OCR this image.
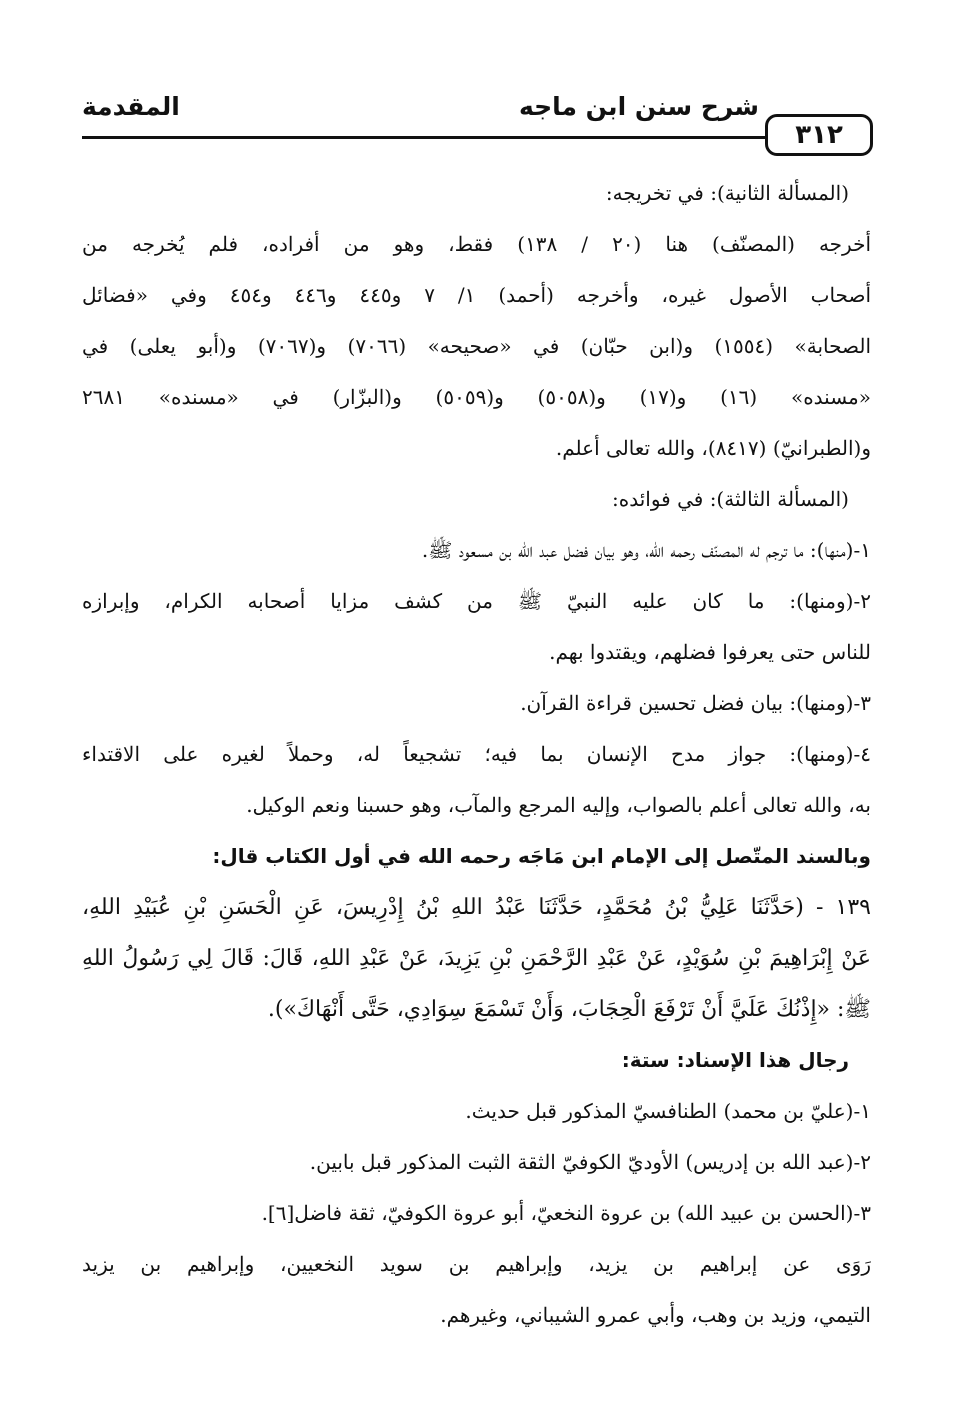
٣١٢
شرح سنن ابن ماجه
المقدمة
(المسألة الثانية): في تخريجه:
أخرجه (المصنّف) هنا (٢٠ / ١٣٨) فقط، وهو من أفراده، فلم يُخرجه من
أصحاب الأصول غيره، وأخرجه (أحمد) ١/ ٧ و٤٤٥ و٤٤٦ و٤٥٤ وفي «فضائل
الصحابة» (١٥٥٤) و(ابن حبّان) في «صحيحه» (٧٠٦٦) و(٧٠٦٧) و(أبو يعلى) في
«مسنده» (١٦) و(١٧) و(٥٠٥٨) و(٥٠٥٩) و(البزّار) في «مسنده» ٢٦٨١
و(الطبرانيّ) (٨٤١٧)، والله تعالى أعلم.
(المسألة الثالثة): في فوائده:
١-(منها): ما ترجم له المصنّف رحمه الله، وهو بيان فضل عبد الله بن مسعود ﷺ.
٢-(ومنها): ما كان عليه النبيّ ﷺ من كشف مزايا أصحابه الكرام، وإبرازه
للناس حتى يعرفوا فضلهم، ويقتدوا بهم.
٣-(ومنها): بيان فضل تحسين قراءة القرآن.
٤-(ومنها): جواز مدح الإنسان بما فيه؛ تشجيعاً له، وحملاً لغيره على الاقتداء
به، والله تعالى أعلم بالصواب، وإليه المرجع والمآب، وهو حسبنا ونعم الوكيل.
وبالسند المتّصل إلى الإمام ابن مَاجَه رحمه الله في أول الكتاب قال:
١٣٩ - (حَدَّثَنَا عَلِيُّ بْنُ مُحَمَّدٍ، حَدَّثَنَا عَبْدُ اللهِ بْنُ إِدْرِيسَ، عَنِ الْحَسَنِ بْنِ عُبَيْدِ اللهِ،
عَنْ إِبْرَاهِيمَ بْنِ سُوَيْدٍ، عَنْ عَبْدِ الرَّحْمَنِ بْنِ يَزِيدَ، عَنْ عَبْدِ اللهِ، قَالَ: قَالَ لِي رَسُولُ اللهِ
ﷺ: «إِذْنُكَ عَلَيَّ أَنْ تَرْفَعَ الْحِجَابَ، وَأَنْ تَسْمَعَ سِوَادِي، حَتَّى أَنْهَاكَ»).
رجال هذا الإسناد: ستة:
١-(عليّ بن محمد) الطنافسيّ المذكور قبل حديث.
٢-(عبد الله بن إدريس) الأوديّ الكوفيّ الثقة الثبت المذكور قبل بابين.
٣-(الحسن بن عبيد الله) بن عروة النخعيّ، أبو عروة الكوفيّ، ثقة فاضل[٦].
رَوَى عن إبراهيم بن يزيد، وإبراهيم بن سويد النخعيين، وإبراهيم بن يزيد
التيمي، وزيد بن وهب، وأبي عمرو الشيباني، وغيرهم.
